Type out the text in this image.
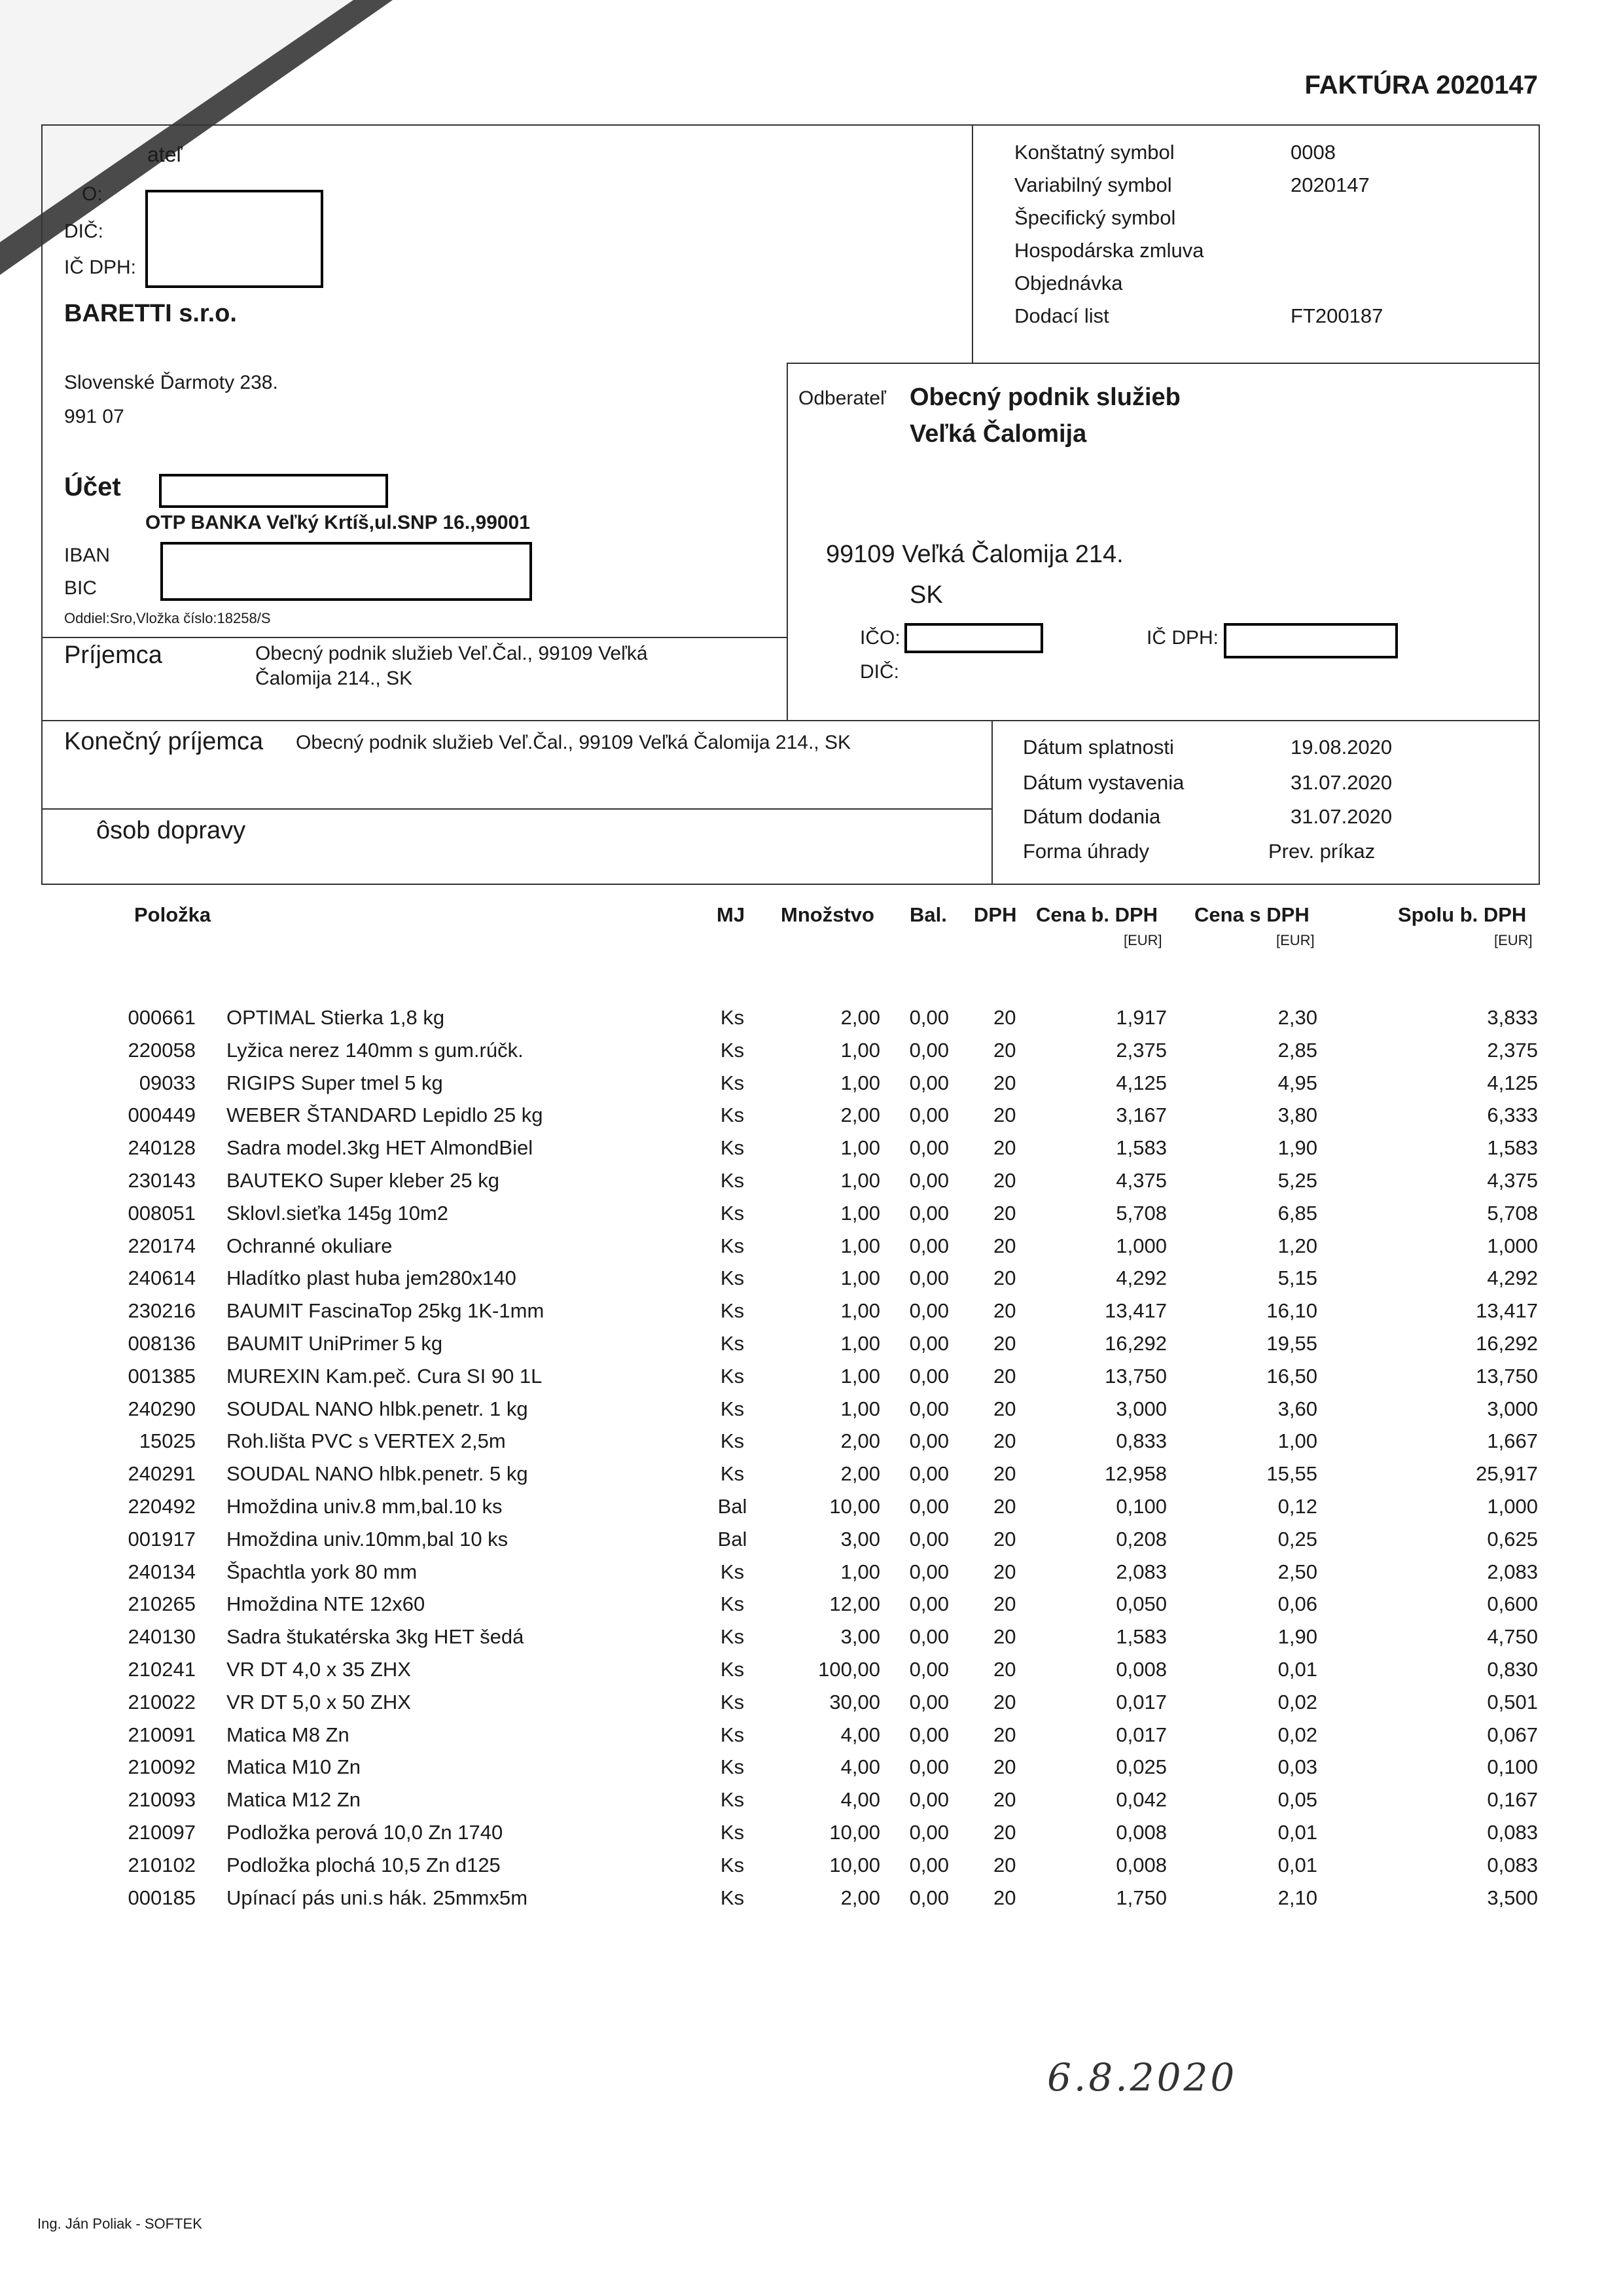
FAKTÚRA 2020147
ateľ
O:
DIČ:
IČ DPH:
BARETTI s.r.o.
Slovenské Ďarmoty 238.
991 07
Účet
OTP BANKA Veľký Krtíš,ul.SNP 16.,99001
IBAN
BIC
Oddiel:Sro,Vložka číslo:18258/S
Konštatný symbol	0008
Variabilný symbol	2020147
Špecifický symbol
Hospodárska zmluva
Objednávka
Dodací list	FT200187
Odberateľ Obecný podnik služieb
Veľká Čalomija
99109 Veľká Čalomija 214.
SK
IČO:	IČ DPH:
DIČ:
Príjemca	Obecný podnik služieb Veľ.Čal., 99109 Veľká
Čalomija 214., SK
Konečný príjemca Obecný podnik služieb Veľ.Čal., 99109 Veľká Čalomija 214., SK
ôsob dopravy
Dátum splatnosti	19.08.2020
Dátum vystavenia	31.07.2020
Dátum dodania	31.07.2020
Forma úhrady	Prev. príkaz
Položka	MJ Množstvo Bal. DPH Cena b. DPH Cena s DPH	Spolu b. DPH
[EUR]	[EUR]	[EUR]
000661 OPTIMAL Stierka 1,8 kg	Ks	2,00 0,00 20	1,917	2,30	3,833
220058 Lyžica nerez 140mm s gum.rúčk.	Ks	1,00 0,00 20	2,375	2,85	2,375
09033 RIGIPS Super tmel 5 kg	Ks	1,00 0,00 20	4,125	4,95	4,125
000449 WEBER ŠTANDARD Lepidlo 25 kg	Ks	2,00 0,00 20	3,167	3,80	6,333
240128 Sadra model.3kg HET AlmondBiel	Ks	1,00 0,00 20	1,583	1,90	1,583
230143 BAUTEKO Super kleber 25 kg	Ks	1,00 0,00 20	4,375	5,25	4,375
008051 Sklovl.sieťka 145g 10m2	Ks	1,00 0,00 20	5,708	6,85	5,708
220174 Ochranné okuliare	Ks	1,00 0,00 20	1,000	1,20	1,000
240614 Hladítko plast huba jem280x140	Ks	1,00 0,00 20	4,292	5,15	4,292
230216 BAUMIT FascinaTop 25kg 1K-1mm	Ks	1,00 0,00 20	13,417	16,10	13,417
008136 BAUMIT UniPrimer 5 kg	Ks	1,00 0,00 20	16,292	19,55	16,292
001385 MUREXIN Kam.peč. Cura SI 90 1L	Ks	1,00 0,00 20	13,750	16,50	13,750
240290 SOUDAL NANO hlbk.penetr. 1 kg	Ks	1,00 0,00 20	3,000	3,60	3,000
15025 Roh.lišta PVC s VERTEX 2,5m	Ks	2,00 0,00 20	0,833	1,00	1,667
240291 SOUDAL NANO hlbk.penetr. 5 kg	Ks	2,00 0,00 20	12,958	15,55	25,917
220492 Hmoždina univ.8 mm,bal.10 ks	Bal	10,00 0,00 20	0,100	0,12	1,000
001917 Hmoždina univ.10mm,bal 10 ks	Bal	3,00 0,00 20	0,208	0,25	0,625
240134 Špachtla york 80 mm	Ks	1,00 0,00 20	2,083	2,50	2,083
210265 Hmoždina NTE 12x60	Ks	12,00 0,00 20	0,050	0,06	0,600
240130 Sadra štukatérska 3kg HET šedá	Ks	3,00 0,00 20	1,583	1,90	4,750
210241 VR DT 4,0 x 35 ZHX	Ks	100,00 0,00 20	0,008	0,01	0,830
210022 VR DT 5,0 x 50 ZHX	Ks	30,00 0,00 20	0,017	0,02	0,501
210091 Matica M8 Zn	Ks	4,00 0,00 20	0,017	0,02	0,067
210092 Matica M10 Zn	Ks	4,00 0,00 20	0,025	0,03	0,100
210093 Matica M12 Zn	Ks	4,00 0,00 20	0,042	0,05	0,167
210097 Podložka perová 10,0 Zn 1740	Ks	10,00 0,00 20	0,008	0,01	0,083
210102 Podložka plochá 10,5 Zn d125	Ks	10,00 0,00 20	0,008	0,01	0,083
000185 Upínací pás uni.s hák. 25mmx5m	Ks	2,00 0,00 20	1,750	2,10	3,500
6.8.2020
Ing. Ján Poliak - SOFTEK
